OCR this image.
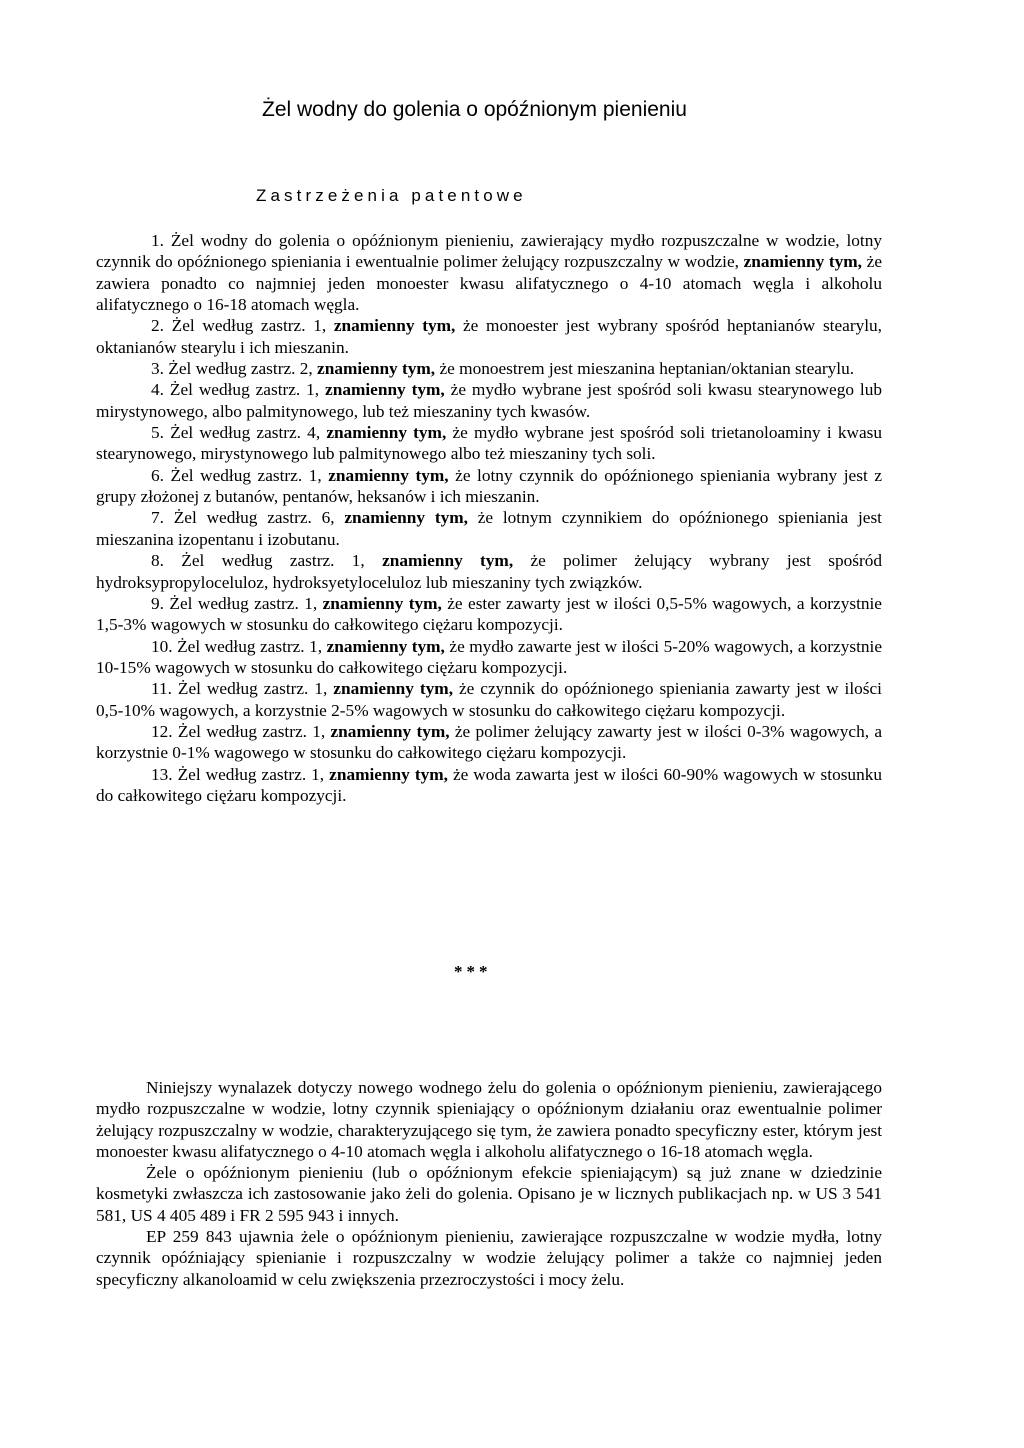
Żel wodny do golenia o opóźnionym pienieniu
Zastrzeżenia patentowe

1. Żel wodny do golenia o opóźnionym pienieniu, zawierający mydło rozpuszczalne w wodzie, lotny czynnik do opóźnionego spieniania i ewentualnie polimer żelujący rozpuszczalny w wodzie, znamienny tym, że zawiera ponadto co najmniej jeden monoester kwasu alifatycznego o 4-10 atomach węgla i alkoholu alifatycznego o 16-18 atomach węgla.

2. Żel według zastrz. 1, znamienny tym, że monoester jest wybrany spośród heptanianów stearylu, oktanianów stearylu i ich mieszanin.

3. Żel według zastrz. 2, znamienny tym, że monoestrem jest mieszanina heptanian/oktanian stearylu.

4. Żel według zastrz. 1, znamienny tym, że mydło wybrane jest spośród soli kwasu stearynowego lub mirystynowego, albo palmitynowego, lub też mieszaniny tych kwasów.

5. Żel według zastrz. 4, znamienny tym, że mydło wybrane jest spośród soli trietanoloaminy i kwasu stearynowego, mirystynowego lub palmitynowego albo też mieszaniny tych soli.

6. Żel według zastrz. 1, znamienny tym, że lotny czynnik do opóźnionego spieniania wybrany jest z grupy złożonej z butanów, pentanów, heksanów i ich mieszanin.

7. Żel według zastrz. 6, znamienny tym, że lotnym czynnikiem do opóźnionego spieniania jest mieszanina izopentanu i izobutanu.

8. Żel według zastrz. 1, znamienny tym, że polimer żelujący wybrany jest spośród hydroksypropyloceluloz, hydroksyetyloceluloz lub mieszaniny tych związków.

9. Żel według zastrz. 1, znamienny tym, że ester zawarty jest w ilości 0,5-5% wagowych, a korzystnie 1,5-3% wagowych w stosunku do całkowitego ciężaru kompozycji.

10. Żel według zastrz. 1, znamienny tym, że mydło zawarte jest w ilości 5-20% wagowych, a korzystnie 10-15% wagowych w stosunku do całkowitego ciężaru kompozycji.

11. Żel według zastrz. 1, znamienny tym, że czynnik do opóźnionego spieniania zawarty jest w ilości 0,5-10% wagowych, a korzystnie 2-5% wagowych w stosunku do całkowitego ciężaru kompozycji.

12. Żel według zastrz. 1, znamienny tym, że polimer żelujący zawarty jest w ilości 0-3% wagowych, a korzystnie 0-1% wagowego w stosunku do całkowitego ciężaru kompozycji.

13. Żel według zastrz. 1, znamienny tym, że woda zawarta jest w ilości 60-90% wagowych w stosunku do całkowitego ciężaru kompozycji.

***

Niniejszy wynalazek dotyczy nowego wodnego żelu do golenia o opóźnionym pienieniu, zawierającego mydło rozpuszczalne w wodzie, lotny czynnik spieniający o opóźnionym działaniu oraz ewentualnie polimer żelujący rozpuszczalny w wodzie, charakteryzującego się tym, że zawiera ponadto specyficzny ester, którym jest monoester kwasu alifatycznego o 4-10 atomach węgla i alkoholu alifatycznego o 16-18 atomach węgla.

Żele o opóźnionym pienieniu (lub o opóźnionym efekcie spieniającym) są już znane w dziedzinie kosmetyki zwłaszcza ich zastosowanie jako żeli do golenia. Opisano je w licznych publikacjach np. w US 3 541 581, US 4 405 489 i FR 2 595 943 i innych.

EP 259 843 ujawnia żele o opóźnionym pienieniu, zawierające rozpuszczalne w wodzie mydła, lotny czynnik opóźniający spienianie i rozpuszczalny w wodzie żelujący polimer a także co najmniej jeden specyficzny alkanoloamid w celu zwiększenia przezroczystości i mocy żelu.
